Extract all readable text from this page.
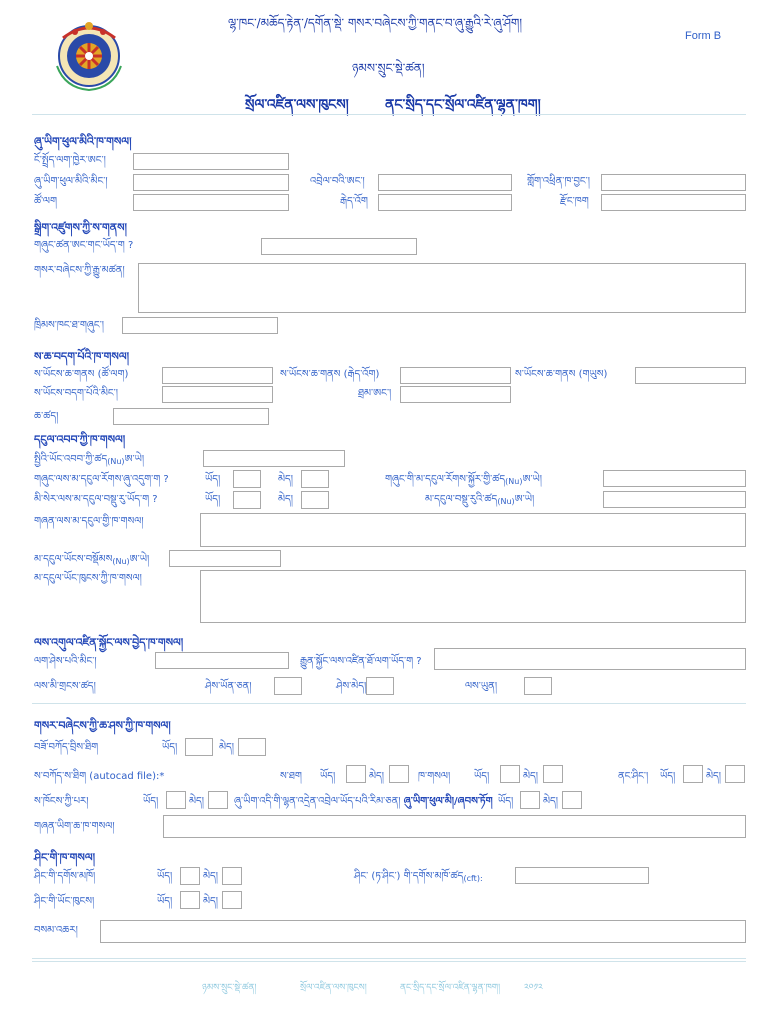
ལྷ་ཁང་/མཆོད་རྟེན་/དགོན་སྡེ་ གསར་བཞེངས་ཀྱི་གནང་བ་ཞུ་རྒྱུའི་རེ་ཞུ་ཤོག།
ཉམས་སྲུང་སྡེ་ཚན།
སྲོལ་འཛིན་ལས་ཁུངས།	ནང་སྲིད་དང་སྲོལ་འཛིན་ལྷན་ཁག།
Form B
ཞུ་ཡིག་ཕུལ་མིའི་ཁ་གསལ།
ངོ་སྤྲོད་ལག་ཁྱེར་ཨང་།
ཞུ་ཡིག་ཕུལ་མིའི་མིང་།	འབྲེལ་བའི་ཨང་།	གློག་འཕྲིན་ཁ་བྱང་།
ཚོ་ལག	རྒེད་འོག	རྫོང་ཁག
སྒྲིག་འཛུགས་ཀྱི་ས་གནས།
གཞུང་ཚན་ཨང་གང་ཡོད་ག ?
གསར་བཞེངས་ཀྱི་རྒྱུ་མཚན།
ཁྲིམས་ཁང་ཐ་གཞུང་།
ས་ཆ་བདག་པོའི་ཁ་གསལ།
ས་ཡོངས་ཆ་གནས (ཚོ་ལག)	ས་ཡོངས་ཆ་གནས (རྒེད་འོག)	ས་ཡོངས་ཆ་གནས (གཡུས)
ས་ཡོངས་བདག་པོའི་མིང་།	ཐྲམ་ཨང་།
ཆ་ཚད།
དངུལ་འབབ་ཀྱི་ཁ་གསལ།
སྤྱིའི་ཡོང་འབབ་ཀྱི་ཚད$_{(Nu)}$ཨ་ཡེ།
གཞུང་ལས་མ་དངུལ་རོགས་ཞུ་འདུག་ག ?	ཡོད།	མེད།	གཞུང་གི་མ་དངུལ་རོགས་སྐྱོར་གྱི་ཚད$_{(Nu)}$ཨ་ཡེ།
མི་སེར་ལས་མ་དངུལ་བསྡུ་རུ་ཡོད་ག ?	ཡོད།	མེད།	མ་དངུལ་བསྡུ་རུའི་ཚད$_{(Nu)}$ཨ་ཡེ།
གཞན་ལས་མ་དངུལ་གྱི་ཁ་གསལ།
མ་དངུལ་ཡོངས་བསྡོམས$_{(Nu)}$ཨ་ཡེ།
མ་དངུལ་ཡོང་ཁུངས་ཀྱི་ཁ་གསལ།
ལས་འགུལ་འཛིན་སྐྱོང་ལས་བྱེད་ཁ་གསལ།
ལག་ཤེས་པའི་མིང་།	རྒྱུན་སྐྱོང་ལས་འཛིན་ཐོ་ལག་ཡོད་ག ?
ལས་མི་གྲངས་ཚད།	ཤེས་ཡོན་ཅན།	ཤེས་མེད།	ལས་ཡུན།
གསར་བཞེངས་ཀྱི་ཆ་ཤས་ཀྱི་ཁ་གསལ།
བཟོ་བཀོད་བྲིས་ཐིག	ཡོད།	མེད།
ས་བཀོད་ས་ཐིག (autocad file):*	ས་ཐག ཡོད།	མེད།	ཁ་གསལ། ཡོད།	མེད།	ནང་ཤིང་། ཡོད།	མེད།
ས་ཁོངས་ཀྱི་པར།	ཡོད།	མེད།	ཞུ་ཡིག་འདི་གི་ལྷན་འདྲེན་འབྲེལ་ཡོད་པའི་རིམ་ཅན། ཞུ་ཡིག་ཕུལ་མི།/ཞབས་ཏོག ཡོད།	མེད།
གཞན་ཡིག་ཆ་ཁ་གསལ།
ཤིང་གི་ཁ་གསལ།
ཤིང་གི་དགོས་མཁོ།	ཡོད།	མེད།	ཤིང་ (ཏ་ཤིང་) གི་དགོས་མཁོ་ཚད$_{(cft):}$
ཤིང་གི་ཡོང་ཁུངས།	ཡོད།	མེད།
བསམ་འཆར།
ཉམས་སྲུང་སྡེ་ཚན།	སྲོལ་འཛིན་ལས་ཁུངས།	ནང་སྲིད་དང་སྲོལ་འཛིན་ལྷན་ཁག།	༢༠༡༢
